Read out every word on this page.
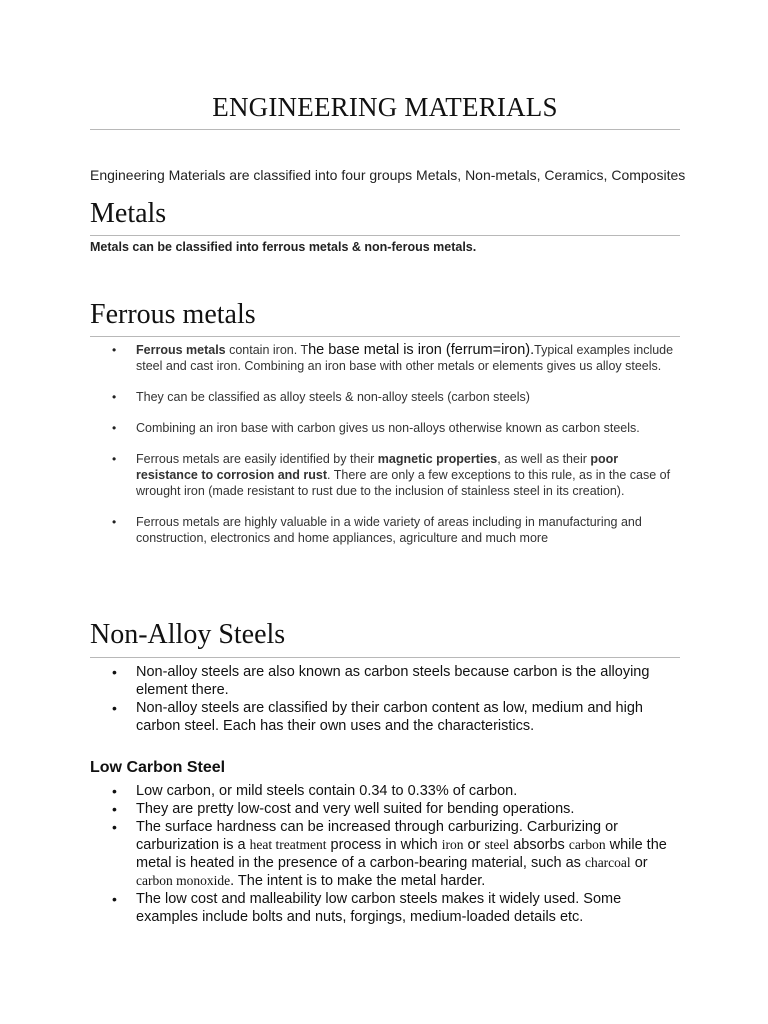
ENGINEERING MATERIALS

Engineering Materials are classified into four groups Metals, Non-metals, Ceramics, Composites

Metals

Metals can be classified into ferrous metals & non-ferous metals.

Ferrous metals
• Ferrous metals contain iron. The base metal is iron (ferrum=iron).Typical examples include steel and cast iron. Combining an iron base with other metals or elements gives us alloy steels.
• They can be classified as alloy steels & non-alloy steels (carbon steels)
• Combining an iron base with carbon gives us non-alloys otherwise known as carbon steels.
• Ferrous metals are easily identified by their magnetic properties, as well as their poor resistance to corrosion and rust. There are only a few exceptions to this rule, as in the case of wrought iron (made resistant to rust due to the inclusion of stainless steel in its creation).
• Ferrous metals are highly valuable in a wide variety of areas including in manufacturing and construction, electronics and home appliances, agriculture and much more
Non-Alloy Steels
• Non-alloy steels are also known as carbon steels because carbon is the alloying element there.
• Non-alloy steels are classified by their carbon content as low, medium and high carbon steel. Each has their own uses and the characteristics.
Low Carbon Steel
• Low carbon, or mild steels contain 0.34 to 0.33% of carbon.
• They are pretty low-cost and very well suited for bending operations.
• The surface hardness can be increased through carburizing. Carburizing or carburization is a heat treatment process in which iron or steel absorbs carbon while the metal is heated in the presence of a carbon-bearing material, such as charcoal or carbon monoxide. The intent is to make the metal harder.
• The low cost and malleability low carbon steels makes it widely used. Some examples include bolts and nuts, forgings, medium-loaded details etc.
